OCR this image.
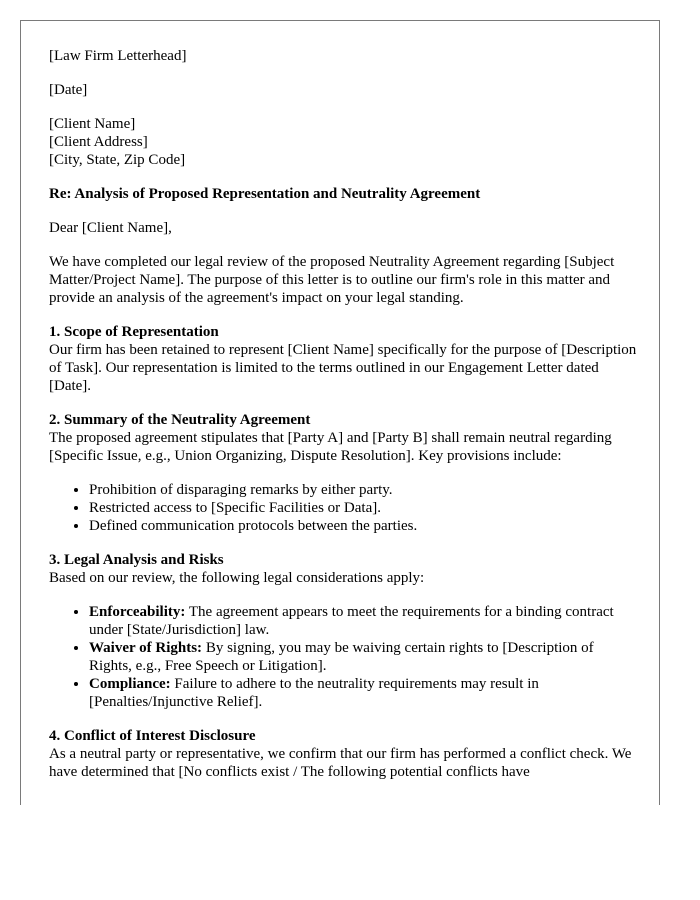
[Law Firm Letterhead]

[Date]

[Client Name]
[Client Address]
[City, State, Zip Code]

Re: Analysis of Proposed Representation and Neutrality Agreement

Dear [Client Name],

We have completed our legal review of the proposed Neutrality Agreement regarding [Subject Matter/Project Name]. The purpose of this letter is to outline our firm's role in this matter and provide an analysis of the agreement's impact on your legal standing.

1. Scope of Representation
Our firm has been retained to represent [Client Name] specifically for the purpose of [Description of Task]. Our representation is limited to the terms outlined in our Engagement Letter dated [Date].

2. Summary of the Neutrality Agreement
The proposed agreement stipulates that [Party A] and [Party B] shall remain neutral regarding [Specific Issue, e.g., Union Organizing, Dispute Resolution]. Key provisions include:

• Prohibition of disparaging remarks by either party.
• Restricted access to [Specific Facilities or Data].
• Defined communication protocols between the parties.

3. Legal Analysis and Risks
Based on our review, the following legal considerations apply:

• Enforceability: The agreement appears to meet the requirements for a binding contract under [State/Jurisdiction] law.
• Waiver of Rights: By signing, you may be waiving certain rights to [Description of Rights, e.g., Free Speech or Litigation].
• Compliance: Failure to adhere to the neutrality requirements may result in [Penalties/Injunctive Relief].

4. Conflict of Interest Disclosure
As a neutral party or representative, we confirm that our firm has performed a conflict check. We have determined that [No conflicts exist / The following potential conflicts have
